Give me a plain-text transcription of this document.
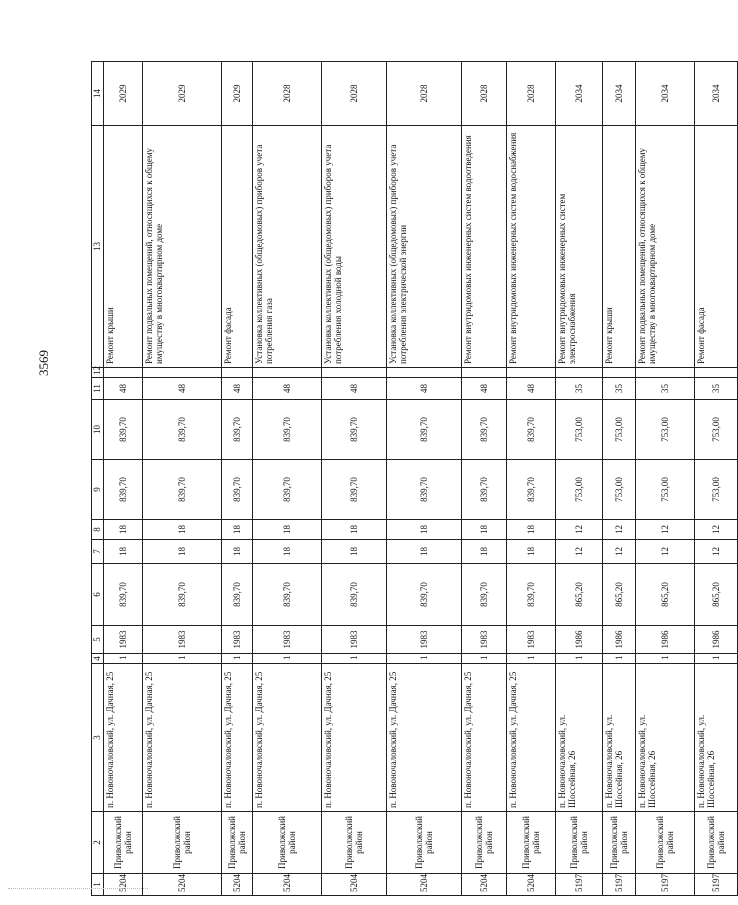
3569
1	2	3	4	5	6	7	8	9	10	11	12	13	14
5204	Приволжский район	п. Новоночаловский, ул. Дачная, 25	1	1983	839,70	18	18	839,70	839,70	48		Ремонт крыши	2029
5204	Приволжский район	п. Новоночаловский, ул. Дачная, 25	1	1983	839,70	18	18	839,70	839,70	48		Ремонт подвальных помещений, относящихся к общему имуществу в многоквартирном доме	2029
5204	Приволжский район	п. Новоночаловский, ул. Дачная, 25	1	1983	839,70	18	18	839,70	839,70	48		Ремонт фасада	2029
5204	Приволжский район	п. Новоночаловский, ул. Дачная, 25	1	1983	839,70	18	18	839,70	839,70	48		Установка коллективных (общедомовых) приборов учета потребления газа	2028
5204	Приволжский район	п. Новоночаловский, ул. Дачная, 25	1	1983	839,70	18	18	839,70	839,70	48		Установка коллективных (общедомовых) приборов учета потребления холодной воды	2028
5204	Приволжский район	п. Новоночаловский, ул. Дачная, 25	1	1983	839,70	18	18	839,70	839,70	48		Установка коллективных (общедомовых) приборов учета потребления электрической энергии	2028
5204	Приволжский район	п. Новоночаловский, ул. Дачная, 25	1	1983	839,70	18	18	839,70	839,70	48		Ремонт внутридомовых инженерных систем водоотведения	2028
5204	Приволжский район	п. Новоночаловский, ул. Дачная, 25	1	1983	839,70	18	18	839,70	839,70	48		Ремонт внутридомовых инженерных систем водоснабжения	2028
5197	Приволжский район	п. Новоночаловский, ул. Шоссейная, 26	1	1986	865,20	12	12	753,00	753,00	35		Ремонт внутридомовых инженерных систем электроснабжения	2034
5197	Приволжский район	п. Новоночаловский, ул. Шоссейная, 26	1	1986	865,20	12	12	753,00	753,00	35		Ремонт крыши	2034
5197	Приволжский район	п. Новоночаловский, ул. Шоссейная, 26	1	1986	865,20	12	12	753,00	753,00	35		Ремонт подвальных помещений, относящихся к общему имуществу в многоквартирном доме	2034
5197	Приволжский район	п. Новоночаловский, ул. Шоссейная, 26	1	1986	865,20	12	12	753,00	753,00	35		Ремонт фасада	2034
